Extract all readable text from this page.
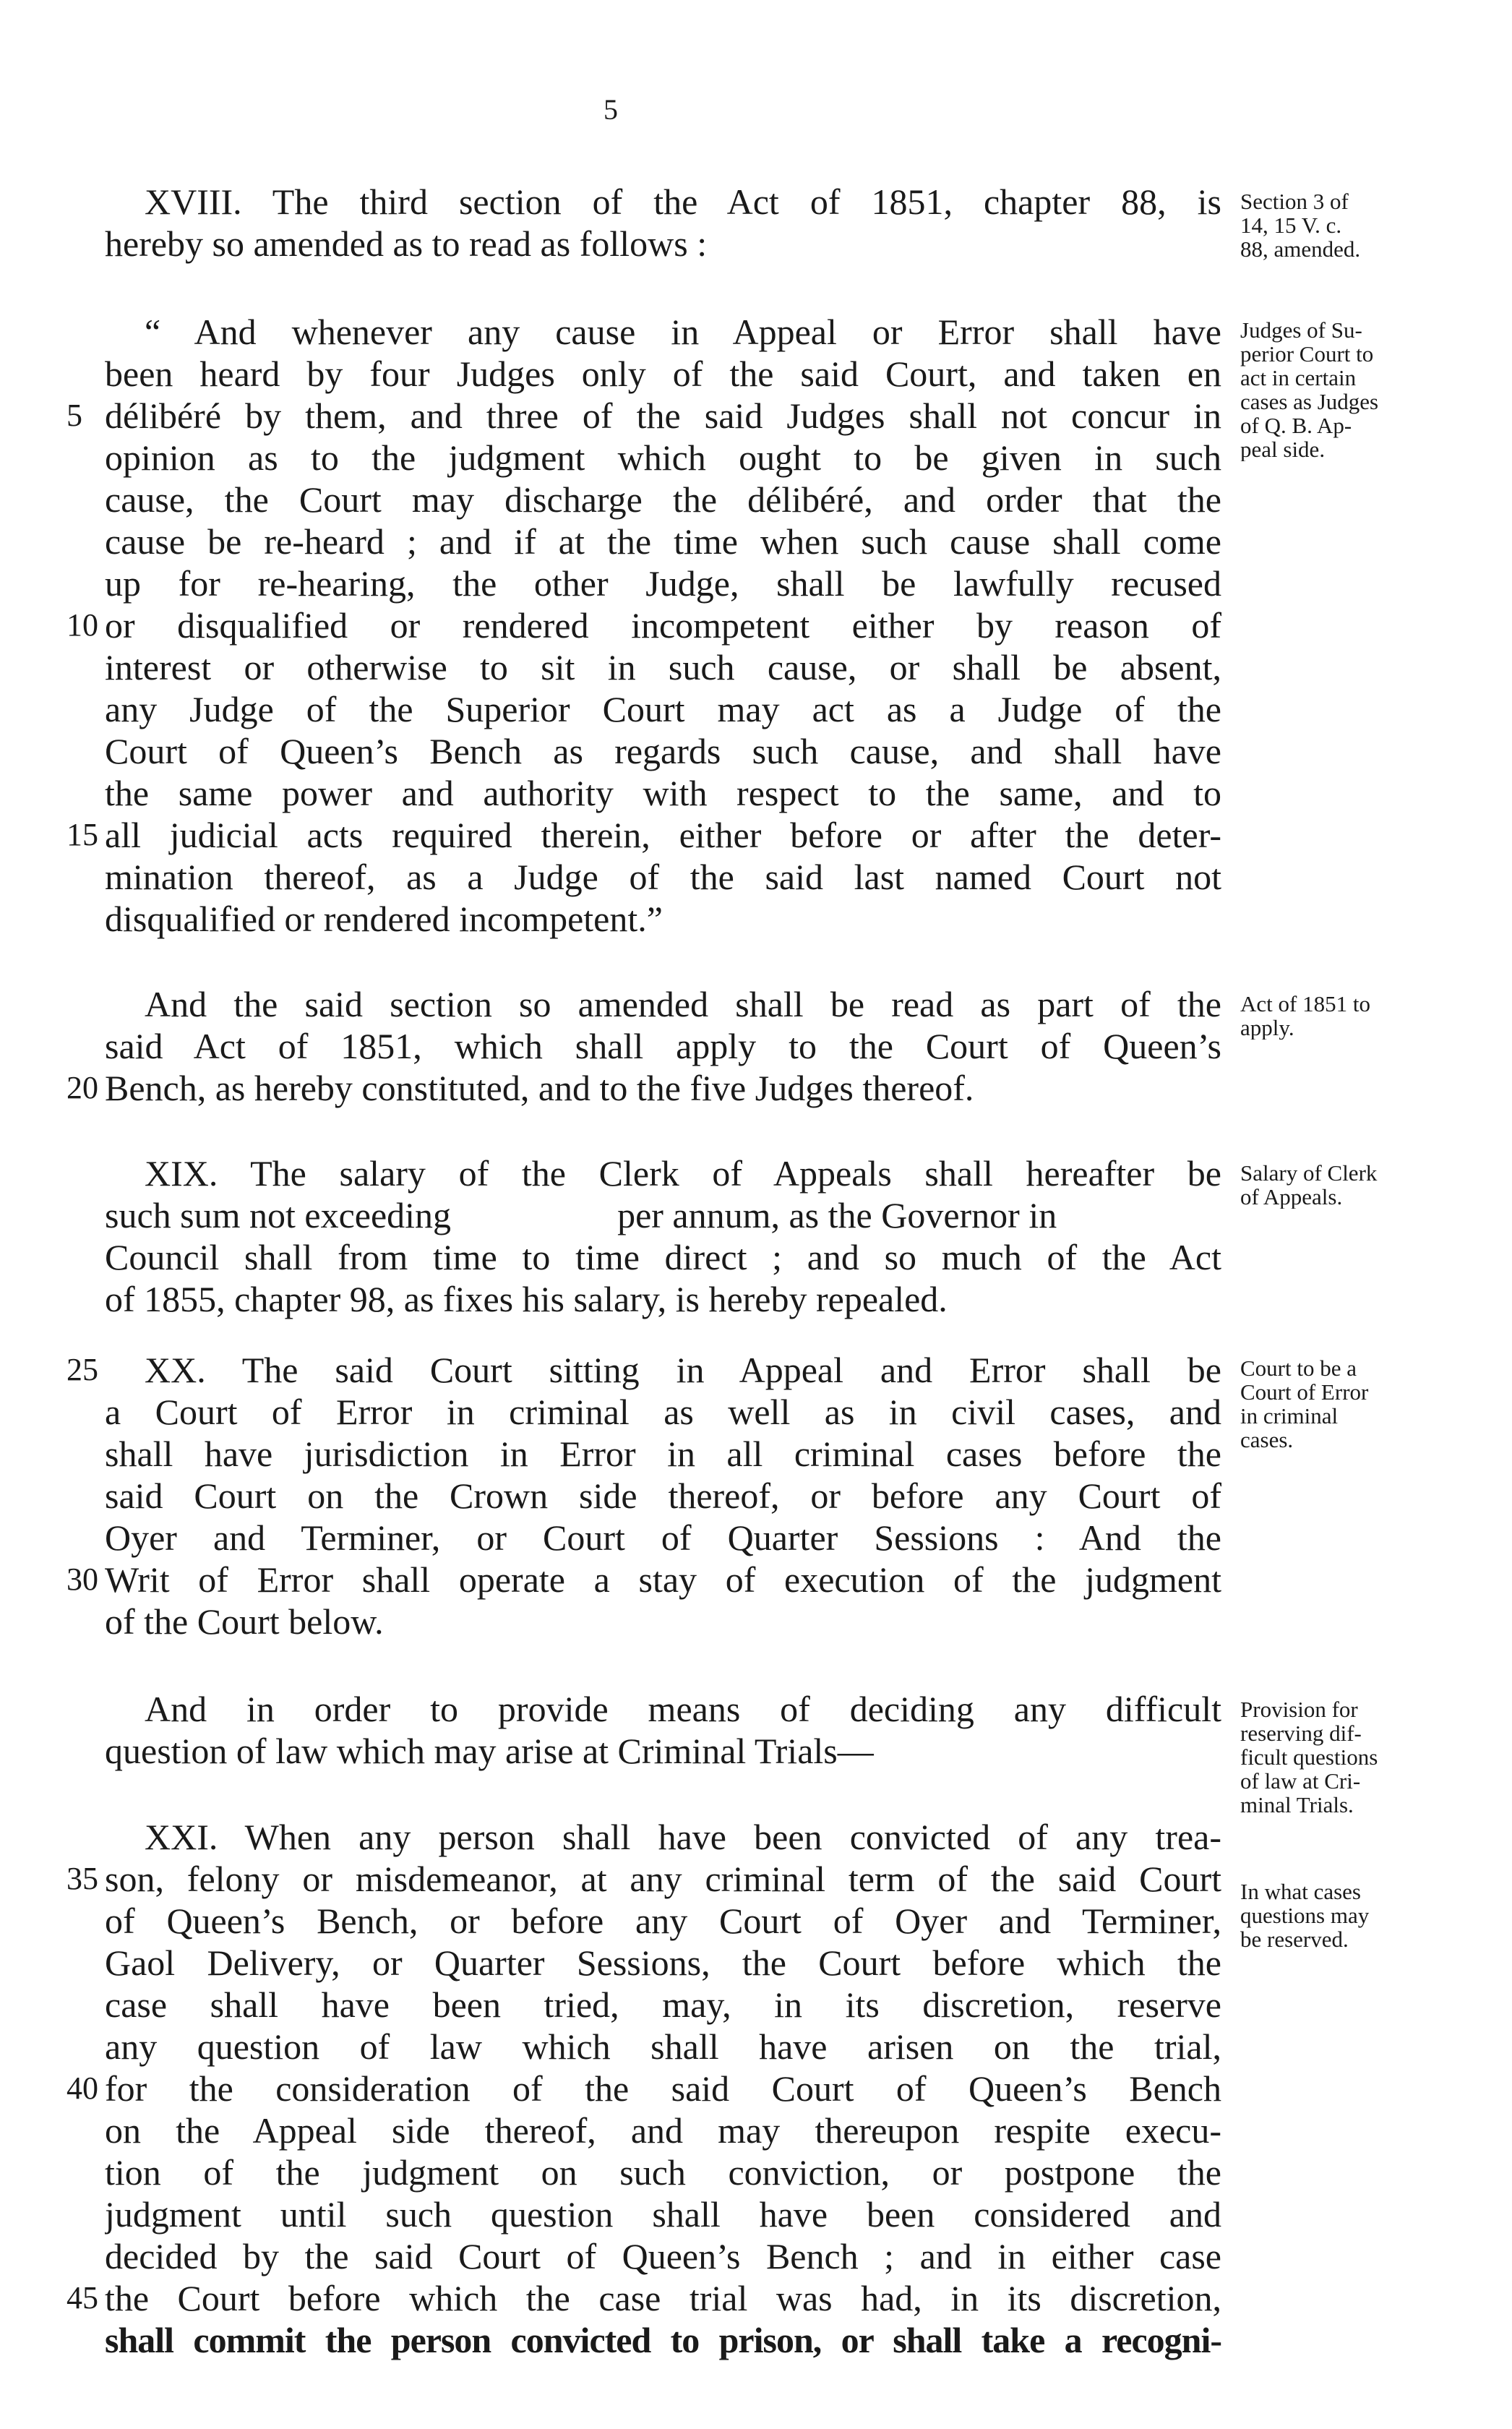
5
XVIII. The third section of the Act of 1851, chapter 88, is
hereby so amended as to read as follows :
“ And whenever any cause in Appeal or Error shall have
been heard by four Judges only of the said Court, and taken en
délibéré by them, and three of the said Judges shall not concur in
opinion as to the judgment which ought to be given in such
cause, the Court may discharge the délibéré, and order that the
cause be re-heard ; and if at the time when such cause shall come
up for re-hearing, the other Judge, shall be lawfully recused
or disqualified or rendered incompetent either by reason of
interest or otherwise to sit in such cause, or shall be absent,
any Judge of the Superior Court may act as a Judge of the
Court of Queen’s Bench as regards such cause, and shall have
the same power and authority with respect to the same, and to
all judicial acts required therein, either before or after the deter-
mination thereof, as a Judge of the said last named Court not
disqualified or rendered incompetent.”
And the said section so amended shall be read as part of the
said Act of 1851, which shall apply to the Court of Queen’s
Bench, as hereby constituted, and to the five Judges thereof.
XIX. The salary of the Clerk of Appeals shall hereafter be
such sum not exceeding	per annum, as the Governor in
Council shall from time to time direct ; and so much of the Act
of 1855, chapter 98, as fixes his salary, is hereby repealed.
XX. The said Court sitting in Appeal and Error shall be
a Court of Error in criminal as well as in civil cases, and
shall have jurisdiction in Error in all criminal cases before the
said Court on the Crown side thereof, or before any Court of
Oyer and Terminer, or Court of Quarter Sessions : And the
Writ of Error shall operate a stay of execution of the judgment
of the Court below.
And in order to provide means of deciding any difficult
question of law which may arise at Criminal Trials—
XXI. When any person shall have been convicted of any trea-
son, felony or misdemeanor, at any criminal term of the said Court
of Queen’s Bench, or before any Court of Oyer and Terminer,
Gaol Delivery, or Quarter Sessions, the Court before which the
case shall have been tried, may, in its discretion, reserve
any question of law which shall have arisen on the trial,
for the consideration of the said Court of Queen’s Bench
on the Appeal side thereof, and may thereupon respite execu-
tion of the judgment on such conviction, or postpone the
judgment until such question shall have been considered and
decided by the said Court of Queen’s Bench ; and in either case
the Court before which the case trial was had, in its discretion,
shall commit the person convicted to prison, or shall take a recogni-
5
10
15
20
25
30
35
40
45
Section 3 of
14, 15 V. c.
88, amended.
Judges of Su-
perior Court to
act in certain
cases as Judges
of Q. B. Ap-
peal side.
Act of 1851 to
apply.
Salary of Clerk
of Appeals.
Court to be a
Court of Error
in criminal
cases.
Provision for
reserving dif-
ficult questions
of law at Cri-
minal Trials.
In what cases
questions may
be reserved.
